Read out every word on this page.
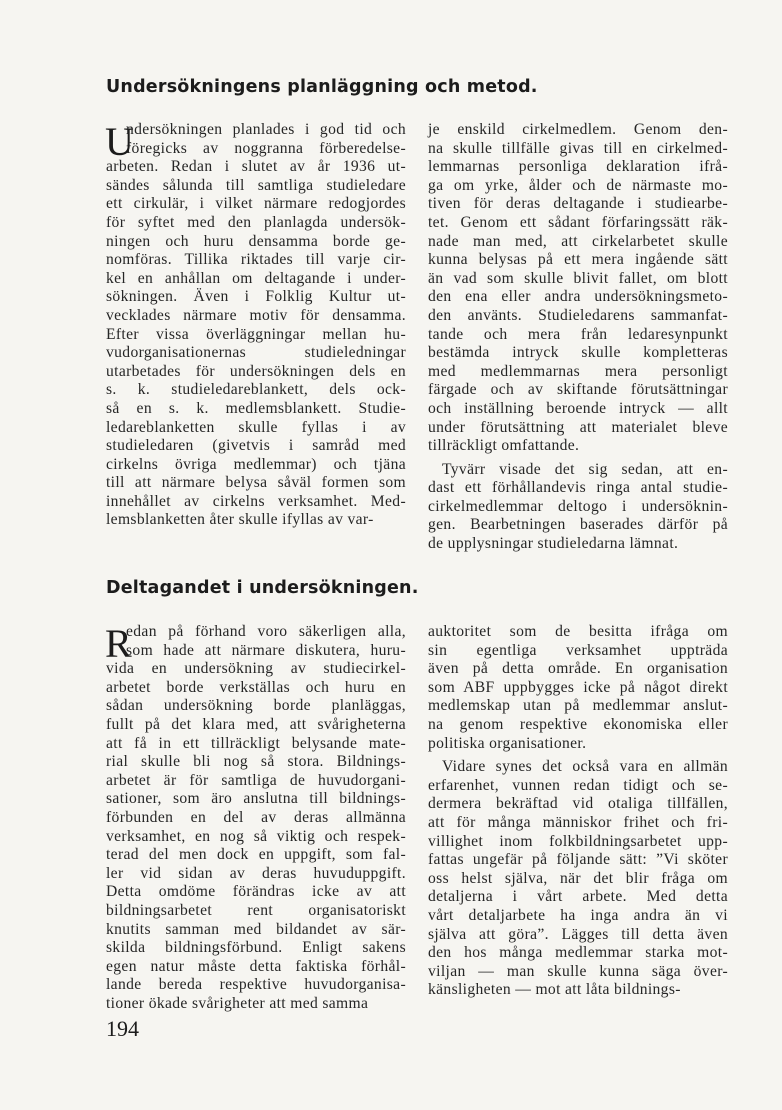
Undersökningens planläggning och metod.
U
ndersökningen planlades i god tid och
föregicks av noggranna förberedelse-
arbeten. Redan i slutet av år 1936 ut-
sändes sålunda till samtliga studieledare
ett cirkulär, i vilket närmare redogjordes
för syftet med den planlagda undersök-
ningen och huru densamma borde ge-
nomföras. Tillika riktades till varje cir-
kel en anhållan om deltagande i under-
sökningen. Även i Folklig Kultur ut-
vecklades närmare motiv för densamma.
Efter vissa överläggningar mellan hu-
vudorganisationernas studieledningar
utarbetades för undersökningen dels en
s. k. studieledareblankett, dels ock-
så en s. k. medlemsblankett. Studie-
ledareblanketten skulle fyllas i av
studieledaren (givetvis i samråd med
cirkelns övriga medlemmar) och tjäna
till att närmare belysa såväl formen som
innehållet av cirkelns verksamhet. Med-
lemsblanketten åter skulle ifyllas av var-
je enskild cirkelmedlem. Genom den-
na skulle tillfälle givas till en cirkelmed-
lemmarnas personliga deklaration ifrå-
ga om yrke, ålder och de närmaste mo-
tiven för deras deltagande i studiearbe-
tet. Genom ett sådant förfaringssätt räk-
nade man med, att cirkelarbetet skulle
kunna belysas på ett mera ingående sätt
än vad som skulle blivit fallet, om blott
den ena eller andra undersökningsmeto-
den använts. Studieledarens sammanfat-
tande och mera från ledaresynpunkt
bestämda intryck skulle kompletteras
med medlemmarnas mera personligt
färgade och av skiftande förutsättningar
och inställning beroende intryck — allt
under förutsättning att materialet bleve
tillräckligt omfattande.
Tyvärr visade det sig sedan, att en-
dast ett förhållandevis ringa antal studie-
cirkelmedlemmar deltogo i undersöknin-
gen. Bearbetningen baserades därför på
de upplysningar studieledarna lämnat.
Deltagandet i undersökningen.
R
edan på förhand voro säkerligen alla,
som hade att närmare diskutera, huru-
vida en undersökning av studiecirkel-
arbetet borde verkställas och huru en
sådan undersökning borde planläggas,
fullt på det klara med, att svårigheterna
att få in ett tillräckligt belysande mate-
rial skulle bli nog så stora. Bildnings-
arbetet är för samtliga de huvudorgani-
sationer, som äro anslutna till bildnings-
förbunden en del av deras allmänna
verksamhet, en nog så viktig och respek-
terad del men dock en uppgift, som fal-
ler vid sidan av deras huvuduppgift.
Detta omdöme förändras icke av att
bildningsarbetet rent organisatoriskt
knutits samman med bildandet av sär-
skilda bildningsförbund. Enligt sakens
egen natur måste detta faktiska förhål-
lande bereda respektive huvudorganisa-
tioner ökade svårigheter att med samma
auktoritet som de besitta ifråga om
sin egentliga verksamhet uppträda
även på detta område. En organisation
som ABF uppbygges icke på något direkt
medlemskap utan på medlemmar anslut-
na genom respektive ekonomiska eller
politiska organisationer.
Vidare synes det också vara en allmän
erfarenhet, vunnen redan tidigt och se-
dermera bekräftad vid otaliga tillfällen,
att för många människor frihet och fri-
villighet inom folkbildningsarbetet upp-
fattas ungefär på följande sätt: ”Vi sköter
oss helst själva, när det blir fråga om
detaljerna i vårt arbete. Med detta
vårt detaljarbete ha inga andra än vi
själva att göra”. Lägges till detta även
den hos många medlemmar starka mot-
viljan — man skulle kunna säga över-
känsligheten — mot att låta bildnings-
194
